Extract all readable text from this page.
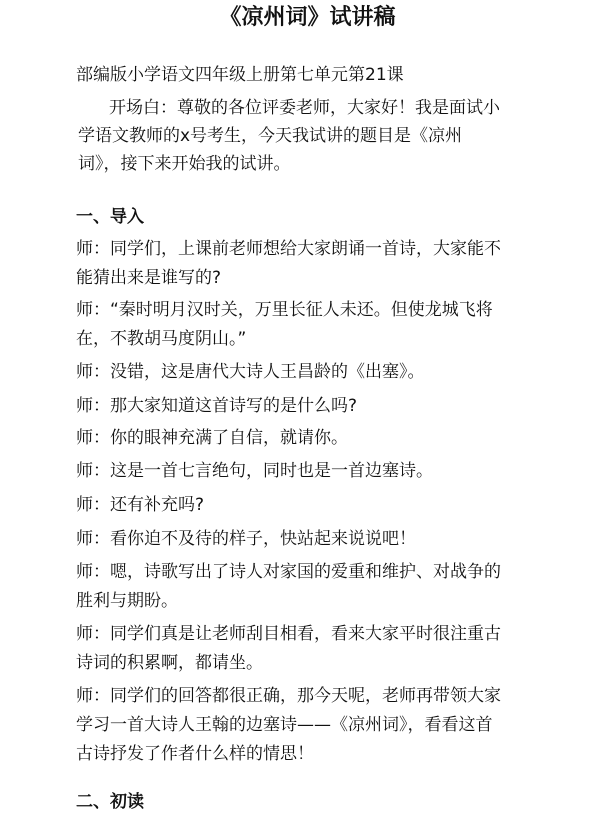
《凉州词》试讲稿
部编版小学语文四年级上册第七单元第21课
　开场白：尊敬的各位评委老师，大家好！我是面试小
学语文教师的x号考生，今天我试讲的题目是《凉州
词》，接下来开始我的试讲。
一、导入
师：同学们，上课前老师想给大家朗诵一首诗，大家能不
能猜出来是谁写的?
师：“秦时明月汉时关，万里长征人未还。但使龙城飞将
在，不教胡马度阴山。”
师：没错，这是唐代大诗人王昌龄的《出塞》。
师：那大家知道这首诗写的是什么吗?
师：你的眼神充满了自信，就请你。
师：这是一首七言绝句，同时也是一首边塞诗。
师：还有补充吗?
师：看你迫不及待的样子，快站起来说说吧！
师：嗯，诗歌写出了诗人对家国的爱重和维护、对战争的
胜利与期盼。
师：同学们真是让老师刮目相看，看来大家平时很注重古
诗词的积累啊，都请坐。
师：同学们的回答都很正确，那今天呢，老师再带领大家
学习一首大诗人王翰的边塞诗——《凉州词》，看看这首
古诗抒发了作者什么样的情思！
二、初读
